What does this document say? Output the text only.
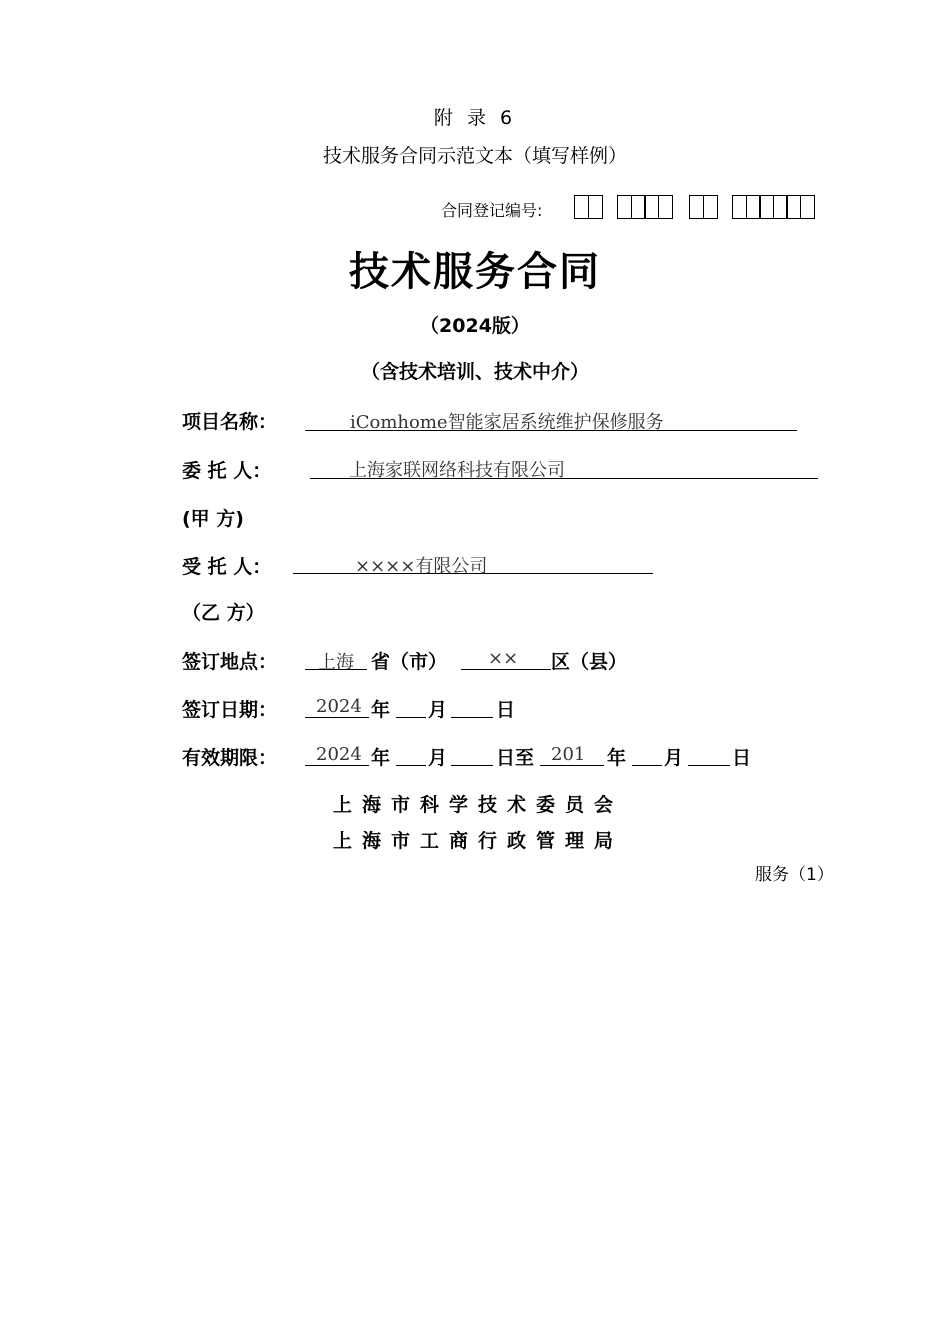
附 录 6
技术服务合同示范文本（填写样例）
合同登记编号:
技术服务合同
（2024版）
（含技术培训、技术中介）
项目名称：	iComhome智能家居系统维护保修服务
委 托 人：	上海家联网络科技有限公司
(甲 方)
受 托 人：	××××有限公司
（乙 方）
签订地点： 上海 省（市） ×× 区（县）
签订日期： 2024 年 月	日
有效期限： 2024 年 月	日至 201 年 月	日
上海市科学技术委员会
上海市工商行政管理局
服务（1）
